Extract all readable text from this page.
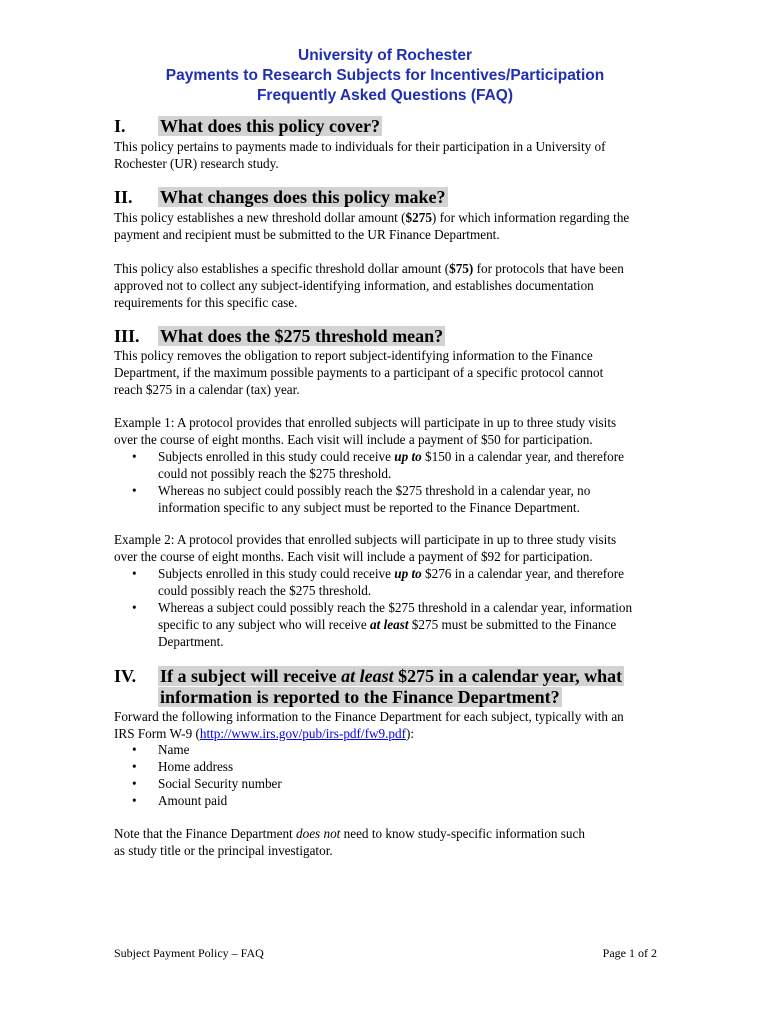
University of Rochester
Payments to Research Subjects for Incentives/Participation
Frequently Asked Questions (FAQ)
I. What does this policy cover?
This policy pertains to payments made to individuals for their participation in a University of
Rochester (UR) research study.
II. What changes does this policy make?
This policy establishes a new threshold dollar amount ($275) for which information regarding the
payment and recipient must be submitted to the UR Finance Department.
This policy also establishes a specific threshold dollar amount ($75) for protocols that have been
approved not to collect any subject-identifying information, and establishes documentation
requirements for this specific case.
III. What does the $275 threshold mean?
This policy removes the obligation to report subject-identifying information to the Finance
Department, if the maximum possible payments to a participant of a specific protocol cannot
reach $275 in a calendar (tax) year.
Example 1: A protocol provides that enrolled subjects will participate in up to three study visits
over the course of eight months. Each visit will include a payment of $50 for participation.
• Subjects enrolled in this study could receive up to $150 in a calendar year, and therefore
could not possibly reach the $275 threshold.
• Whereas no subject could possibly reach the $275 threshold in a calendar year, no
information specific to any subject must be reported to the Finance Department.
Example 2: A protocol provides that enrolled subjects will participate in up to three study visits
over the course of eight months. Each visit will include a payment of $92 for participation.
• Subjects enrolled in this study could receive up to $276 in a calendar year, and therefore
could possibly reach the $275 threshold.
• Whereas a subject could possibly reach the $275 threshold in a calendar year, information
specific to any subject who will receive at least $275 must be submitted to the Finance
Department.
IV. If a subject will receive at least $275 in a calendar year, what
information is reported to the Finance Department?
Forward the following information to the Finance Department for each subject, typically with an
IRS Form W-9 (http://www.irs.gov/pub/irs-pdf/fw9.pdf):
• Name
• Home address
• Social Security number
• Amount paid
Note that the Finance Department does not need to know study-specific information such
as study title or the principal investigator.
Subject Payment Policy – FAQ	Page 1 of 2
